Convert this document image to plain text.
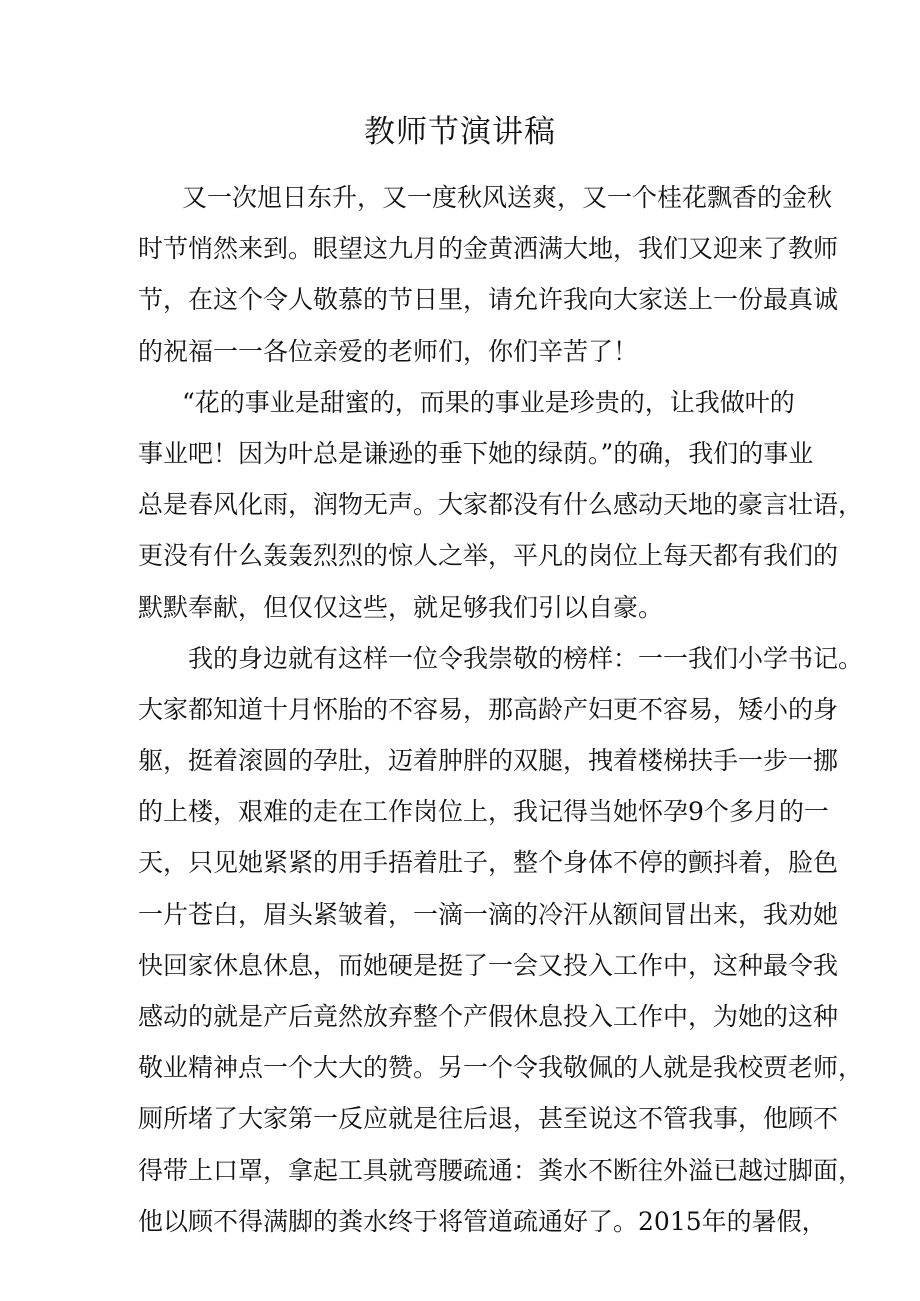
教师节演讲稿
又一次旭日东升，又一度秋风送爽，又一个桂花飘香的金秋
时节悄然来到。眼望这九月的金黄洒满大地，我们又迎来了教师
节，在这个令人敬慕的节日里，请允许我向大家送上一份最真诚
的祝福一一各位亲爱的老师们，你们辛苦了！
“花的事业是甜蜜的，而果的事业是珍贵的，让我做叶的
事业吧！因为叶总是谦逊的垂下她的绿荫。”的确，我们的事业
总是春风化雨，润物无声。大家都没有什么感动天地的豪言壮语，
更没有什么轰轰烈烈的惊人之举，平凡的岗位上每天都有我们的
默默奉献，但仅仅这些，就足够我们引以自豪。
我的身边就有这样一位令我崇敬的榜样：一一我们小学书记。
大家都知道十月怀胎的不容易，那高龄产妇更不容易，矮小的身
躯，挺着滚圆的孕肚，迈着肿胖的双腿，拽着楼梯扶手一步一挪
的上楼，艰难的走在工作岗位上，我记得当她怀孕9个多月的一
天，只见她紧紧的用手捂着肚子，整个身体不停的颤抖着，脸色
一片苍白，眉头紧皱着，一滴一滴的冷汗从额间冒出来，我劝她
快回家休息休息，而她硬是挺了一会又投入工作中，这种最令我
感动的就是产后竟然放弃整个产假休息投入工作中，为她的这种
敬业精神点一个大大的赞。另一个令我敬佩的人就是我校贾老师，
厕所堵了大家第一反应就是往后退，甚至说这不管我事，他顾不
得带上口罩，拿起工具就弯腰疏通：粪水不断往外溢已越过脚面，
他以顾不得满脚的粪水终于将管道疏通好了。2015年的暑假，
